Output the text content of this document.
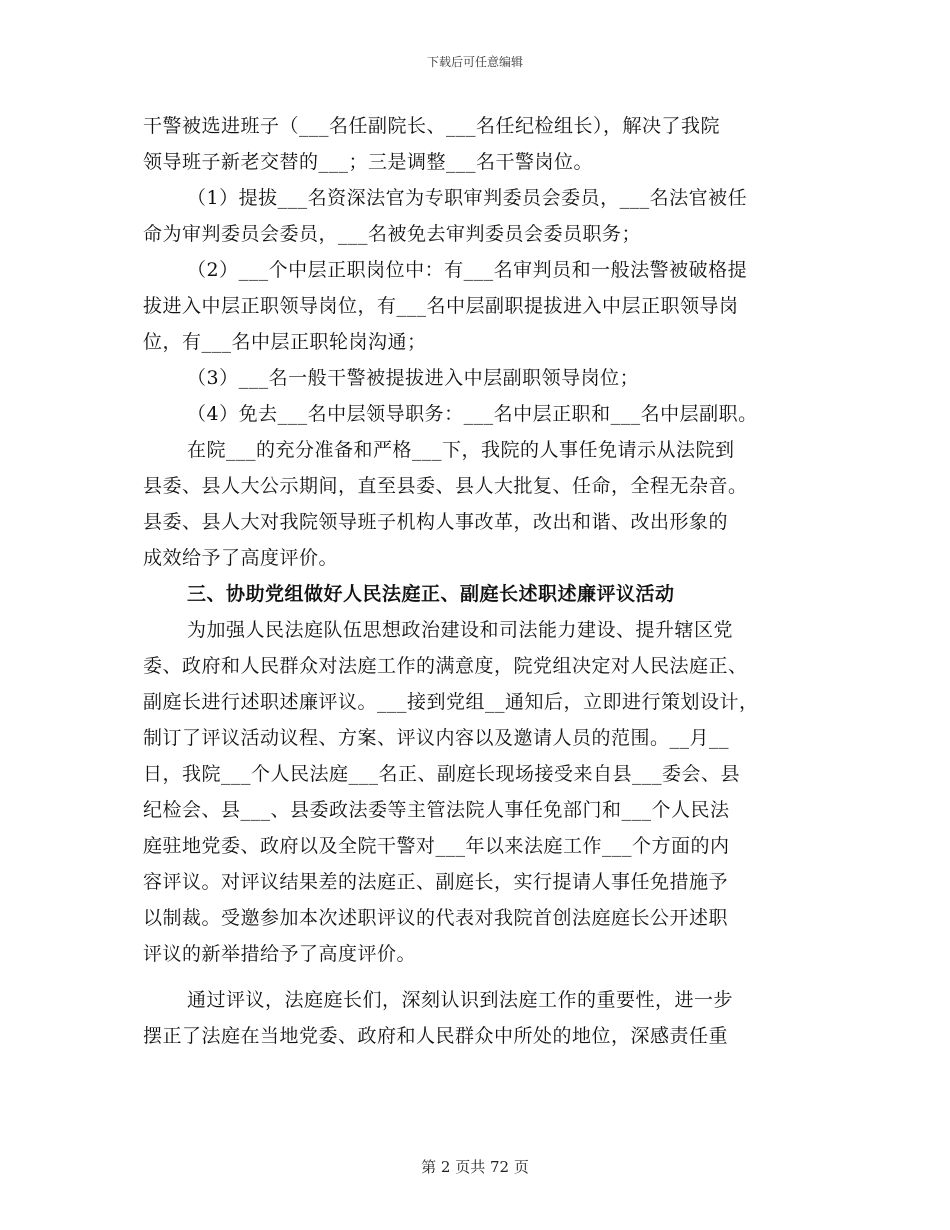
下载后可任意编辑
干警被选进班子（___名任副院长、___名任纪检组长），解决了我院
领导班子新老交替的___；三是调整___名干警岗位。
（1）提拔___名资深法官为专职审判委员会委员，___名法官被任
命为审判委员会委员，___名被免去审判委员会委员职务；
（2）___个中层正职岗位中：有___名审判员和一般法警被破格提
拔进入中层正职领导岗位，有___名中层副职提拔进入中层正职领导岗
位，有___名中层正职轮岗沟通；
（3）___名一般干警被提拔进入中层副职领导岗位；
（4）免去___名中层领导职务：___名中层正职和___名中层副职。
在院___的充分准备和严格___下，我院的人事任免请示从法院到
县委、县人大公示期间，直至县委、县人大批复、任命，全程无杂音。
县委、县人大对我院领导班子机构人事改革，改出和谐、改出形象的
成效给予了高度评价。
三、协助党组做好人民法庭正、副庭长述职述廉评议活动
为加强人民法庭队伍思想政治建设和司法能力建设、提升辖区党
委、政府和人民群众对法庭工作的满意度，院党组决定对人民法庭正、
副庭长进行述职述廉评议。___接到党组__通知后，立即进行策划设计，
制订了评议活动议程、方案、评议内容以及邀请人员的范围。__月__
日，我院___个人民法庭___名正、副庭长现场接受来自县___委会、县
纪检会、县___、县委政法委等主管法院人事任免部门和___个人民法
庭驻地党委、政府以及全院干警对___年以来法庭工作___个方面的内
容评议。对评议结果差的法庭正、副庭长，实行提请人事任免措施予
以制裁。受邀参加本次述职评议的代表对我院首创法庭庭长公开述职
评议的新举措给予了高度评价。
通过评议，法庭庭长们，深刻认识到法庭工作的重要性，进一步
摆正了法庭在当地党委、政府和人民群众中所处的地位，深感责任重
第 2 页共 72 页
